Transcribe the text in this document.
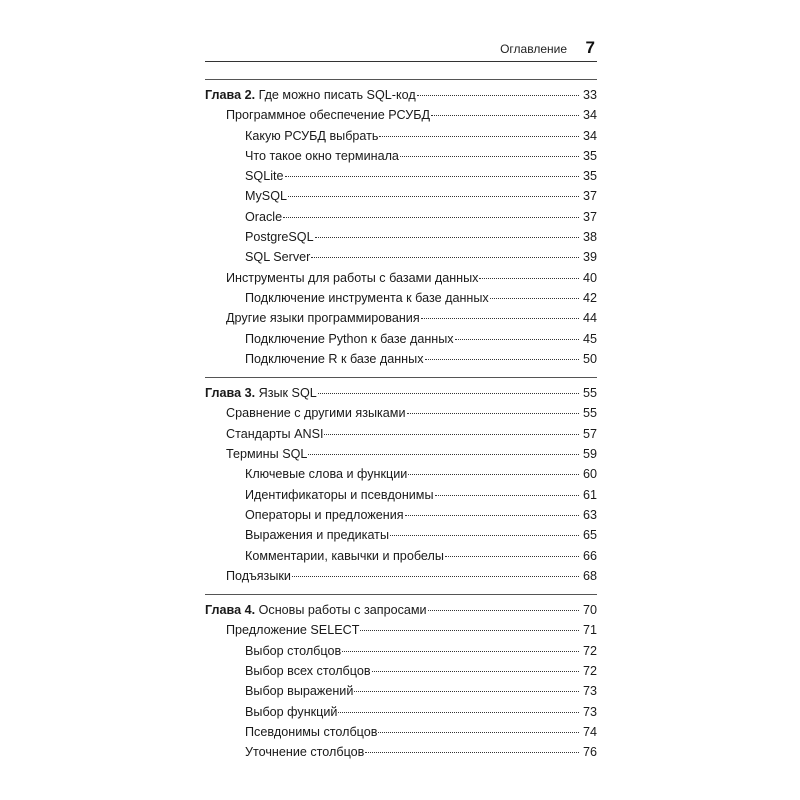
Оглавление 7
Глава 2. Где можно писать SQL-код	33
Программное обеспечение РСУБД	34
Какую РСУБД выбрать	34
Что такое окно терминала	35
SQLite	35
MySQL	37
Oracle	37
PostgreSQL	38
SQL Server	39
Инструменты для работы с базами данных	40
Подключение инструмента к базе данных	42
Другие языки программирования	44
Подключение Python к базе данных	45
Подключение R к базе данных	50
Глава 3. Язык SQL	55
Сравнение с другими языками	55
Стандарты ANSI	57
Термины SQL	59
Ключевые слова и функции	60
Идентификаторы и псевдонимы	61
Операторы и предложения	63
Выражения и предикаты	65
Комментарии, кавычки и пробелы	66
Подъязыки	68
Глава 4. Основы работы с запросами	70
Предложение SELECT	71
Выбор столбцов	72
Выбор всех столбцов	72
Выбор выражений	73
Выбор функций	73
Псевдонимы столбцов	74
Уточнение столбцов	76
